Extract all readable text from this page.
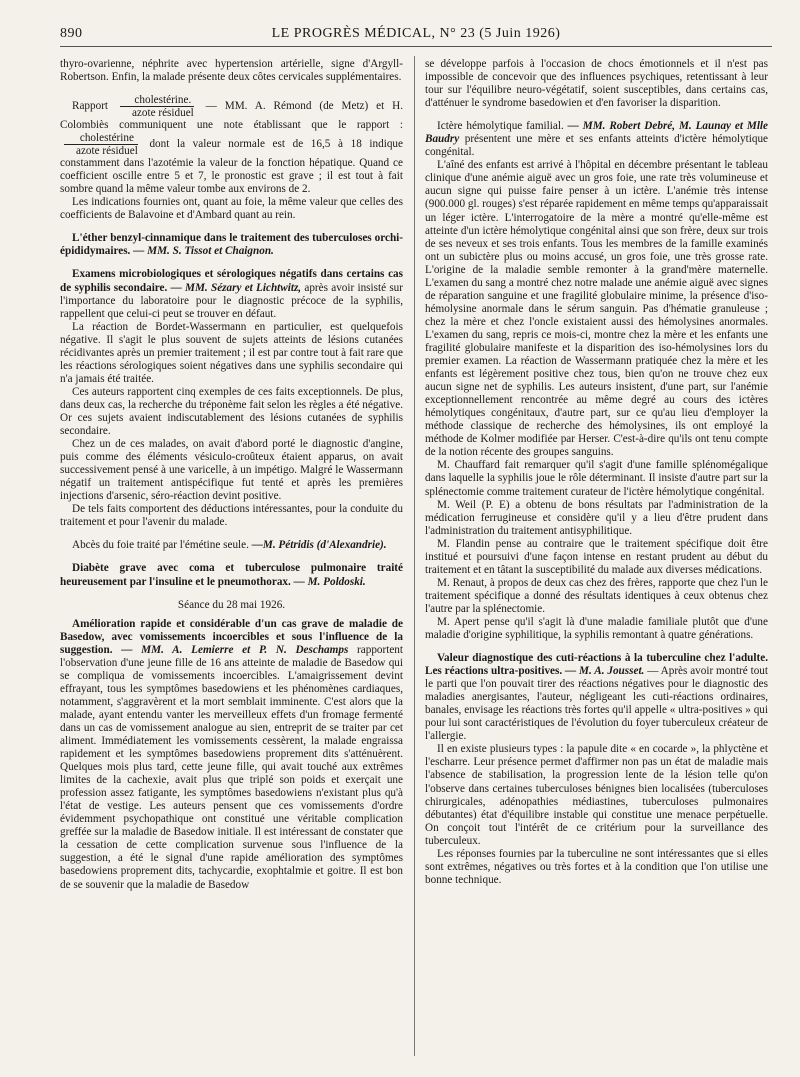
890	LE PROGRÈS MÉDICAL, N° 23 (5 Juin 1926)

thyro-ovarienne, néphrite avec hypertension artérielle, signe d'Argyll-Robertson. Enfin, la malade présente deux côtes cervicales supplémentaires.

Rapport $\frac{\text{cholestérine.}}{\text{azote résiduel}}$ — MM. A. Rémond (de Metz) et H. Colombiès communiquent une note établissant que le rapport :
$\frac{\text{cholestérine}}{\text{azote résiduel}}$ dont la valeur normale est de 16,5 à 18 indique constamment dans l'azotémie la valeur de la fonction hépatique. Quand ce coefficient oscille entre 5 et 7, le pronostic est grave ; il est tout à fait sombre quand la même valeur tombe aux environs de 2.

Les indications fournies ont, quant au foie, la même valeur que celles des coefficients de Balavoine et d'Ambard quant au rein.

L'éther benzyl-cinnamique dans le traitement des tuberculoses orchi-épididymaires. — MM. S. Tissot et Chaignon.

Examens microbiologiques et sérologiques négatifs dans certains cas de syphilis secondaire. — MM. Sézary et Lichtwitz, après avoir insisté sur l'importance du laboratoire pour le diagnostic précoce de la syphilis, rappellent que celui-ci peut se trouver en défaut.

La réaction de Bordet-Wassermann en particulier, est quelquefois négative. Il s'agit le plus souvent de sujets atteints de lésions cutanées récidivantes après un premier traitement ; il est par contre tout à fait rare que les réactions sérologiques soient négatives dans une syphilis secondaire qui n'a jamais été traitée.

Ces auteurs rapportent cinq exemples de ces faits exceptionnels. De plus, dans deux cas, la recherche du tréponème fait selon les règles a été négative. Or ces sujets avaient indiscutablement des lésions cutanées de syphilis secondaire.

Chez un de ces malades, on avait d'abord porté le diagnostic d'angine, puis comme des éléments vésiculo-croûteux étaient apparus, on avait successivement pensé à une varicelle, à un impétigo. Malgré le Wassermann négatif un traitement antispécifique fut tenté et après les premières injections d'arsenic, séro-réaction devint positive.

De tels faits comportent des déductions intéressantes, pour la conduite du traitement et pour l'avenir du malade.

Abcès du foie traité par l'émétine seule. —M. Pétridis (d'Alexandrie).

Diabète grave avec coma et tuberculose pulmonaire traité heureusement par l'insuline et le pneumothorax. — M. Poldoski.

Séance du 28 mai 1926.

Amélioration rapide et considérable d'un cas grave de maladie de Basedow, avec vomissements incoercibles et sous l'influence de la suggestion. — MM. A. Lemierre et P. N. Deschamps rapportent l'observation d'une jeune fille de 16 ans atteinte de maladie de Basedow qui se compliqua de vomissements incoercibles. L'amaigrissement devint effrayant, tous les symptômes basedowiens et les phénomènes cardiaques, notamment, s'aggravèrent et la mort semblait imminente. C'est alors que la malade, ayant entendu vanter les merveilleux effets d'un fromage fermenté dans un cas de vomissement analogue au sien, entreprit de se traiter par cet aliment. Immédiatement les vomissements cessèrent, la malade engraissa rapidement et les symptômes basedowiens proprement dits s'atténuèrent. Quelques mois plus tard, cette jeune fille, qui avait touché aux extrêmes limites de la cachexie, avait plus que triplé son poids et exerçait une profession assez fatigante, les symptômes basedowiens n'existant plus qu'à l'état de vestige. Les auteurs pensent que ces vomissements d'ordre évidemment psychopathique ont constitué une véritable complication greffée sur la maladie de Basedow initiale. Il est intéressant de constater que la cessation de cette complication survenue sous l'influence de la suggestion, a été le signal d'une rapide amélioration des symptômes basedowiens proprement dits, tachycardie, exophtalmie et goitre. Il est bon de se souvenir que la maladie de Basedow

se développe parfois à l'occasion de chocs émotionnels et il n'est pas impossible de concevoir que des influences psychiques, retentissant à leur tour sur l'équilibre neuro-végétatif, soient susceptibles, dans certains cas, d'atténuer le syndrome basedowien et d'en favoriser la disparition.

Ictère hémolytique familial. — MM. Robert Debré, M. Launay et Mlle Baudry présentent une mère et ses enfants atteints d'ictère hémolytique congénital.

L'aîné des enfants est arrivé à l'hôpital en décembre présentant le tableau clinique d'une anémie aiguë avec un gros foie, une rate très volumineuse et aucun signe qui puisse faire penser à un ictère. L'anémie très intense (900.000 gl. rouges) s'est réparée rapidement en même temps qu'apparaissait un léger ictère. L'interrogatoire de la mère a montré qu'elle-même est atteinte d'un ictère hémolytique congénital ainsi que son frère, deux sur trois de ses neveux et ses trois enfants. Tous les membres de la famille examinés ont un subictère plus ou moins accusé, un gros foie, une très grosse rate. L'origine de la maladie semble remonter à la grand'mère maternelle. L'examen du sang a montré chez notre malade une anémie aiguë avec signes de réparation sanguine et une fragilité globulaire minime, la présence d'iso-hémolysine anormale dans le sérum sanguin. Pas d'hématie granuleuse ; chez la mère et chez l'oncle existaient aussi des hémolysines anormales. L'examen du sang, repris ce mois-ci, montre chez la mère et les enfants une fragilité globulaire manifeste et la disparition des iso-hémolysines lors du premier examen. La réaction de Wassermann pratiquée chez la mère et les enfants est légèrement positive chez tous, bien qu'on ne trouve chez eux aucun signe net de syphilis. Les auteurs insistent, d'une part, sur l'anémie exceptionnellement rencontrée au même degré au cours des ictères hémolytiques congénitaux, d'autre part, sur ce qu'au lieu d'employer la méthode classique de recherche des hémolysines, ils ont employé la méthode de Kolmer modifiée par Herser. C'est-à-dire qu'ils ont tenu compte de la notion récente des groupes sanguins.

M. Chauffard fait remarquer qu'il s'agit d'une famille splénomégalique dans laquelle la syphilis joue le rôle déterminant. Il insiste d'autre part sur la splénectomie comme traitement curateur de l'ictère hémolytique congénital.

M. Weil (P. E) a obtenu de bons résultats par l'administration de la médication ferrugineuse et considère qu'il y a lieu d'être prudent dans l'administration du traitement antisyphilitique.

M. Flandin pense au contraire que le traitement spécifique doit être institué et poursuivi d'une façon intense en restant prudent au début du traitement et en tâtant la susceptibilité du malade aux diverses médications.

M. Renaut, à propos de deux cas chez des frères, rapporte que chez l'un le traitement spécifique a donné des résultats identiques à ceux obtenus chez l'autre par la splénectomie.

M. Apert pense qu'il s'agit là d'une maladie familiale plutôt que d'une maladie d'origine syphilitique, la syphilis remontant à quatre générations.

Valeur diagnostique des cuti-réactions à la tuberculine chez l'adulte. Les réactions ultra-positives. — M. A. Jousset. — Après avoir montré tout le parti que l'on pouvait tirer des réactions négatives pour le diagnostic des maladies anergisantes, l'auteur, négligeant les cuti-réactions ordinaires, banales, envisage les réactions très fortes qu'il appelle « ultra-positives » qui pour lui sont caractéristiques de l'évolution du foyer tuberculeux créateur de l'allergie.

Il en existe plusieurs types : la papule dite « en cocarde », la phlyctène et l'escharre. Leur présence permet d'affirmer non pas un état de maladie mais l'absence de stabilisation, la progression lente de la lésion telle qu'on l'observe dans certaines tuberculoses bénignes bien localisées (tuberculoses chirurgicales, adénopathies médiastines, tuberculoses pulmonaires débutantes) état d'équilibre instable qui constitue une menace perpétuelle. On conçoit tout l'intérêt de ce critérium pour la surveillance des tuberculeux.

Les réponses fournies par la tuberculine ne sont intéressantes que si elles sont extrêmes, négatives ou très fortes et à la condition que l'on utilise une bonne technique.
